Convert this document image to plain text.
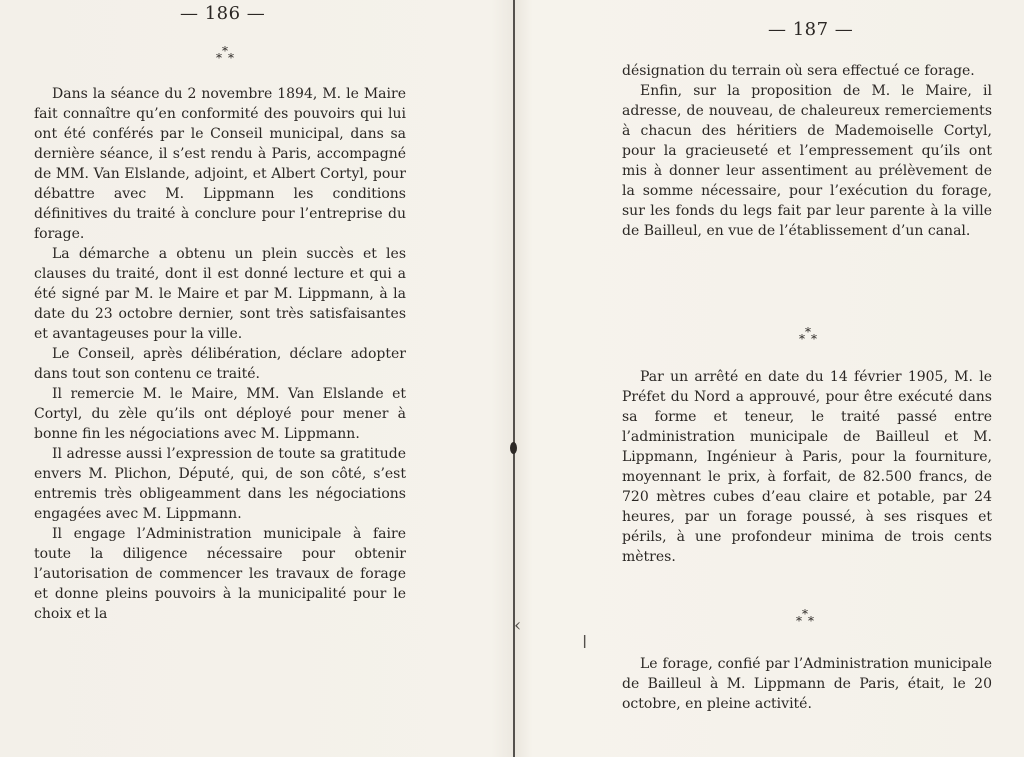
‹
ǀ
— 186 —
*
* *

Dans la séance du 2 novembre 1894, M. le Maire fait connaître qu’en conformité des pouvoirs qui lui ont été conférés par le Conseil municipal, dans sa dernière séance, il s’est rendu à Paris, accompagné de MM. Van Elslande, adjoint, et Albert Cortyl, pour débattre avec M. Lippmann les conditions définitives du traité à conclure pour l’entreprise du forage.

La démarche a obtenu un plein succès et les clauses du traité, dont il est donné lecture et qui a été signé par M. le Maire et par M. Lippmann, à la date du 23 octobre dernier, sont très satisfaisantes et avantageuses pour la ville.

Le Conseil, après délibération, déclare adopter dans tout son contenu ce traité.

Il remercie M. le Maire, MM. Van Elslande et Cortyl, du zèle qu’ils ont déployé pour mener à bonne fin les négociations avec M. Lippmann.

Il adresse aussi l’expression de toute sa gratitude envers M. Plichon, Député, qui, de son côté, s’est entremis très obligeamment dans les négociations engagées avec M. Lippmann.

Il engage l’Administration municipale à faire toute la diligence nécessaire pour obtenir l’autorisation de commencer les travaux de forage et donne pleins pouvoirs à la municipalité pour le choix et la

— 187 —

désignation du terrain où sera effectué ce forage.

Enfin, sur la proposition de M. le Maire, il adresse, de nouveau, de chaleureux remerciements à chacun des héritiers de Mademoiselle Cortyl, pour la gracieuseté et l’empressement qu’ils ont mis à donner leur assentiment au prélèvement de la somme nécessaire, pour l’exécution du forage, sur les fonds du legs fait par leur parente à la ville de Bailleul, en vue de l’établissement d’un canal.

*
* *

Par un arrêté en date du 14 février 1905, M. le Préfet du Nord a approuvé, pour être exécuté dans sa forme et teneur, le traité passé entre l’administration municipale de Bailleul et M. Lippmann, Ingénieur à Paris, pour la fourniture, moyennant le prix, à forfait, de 82.500 francs, de 720 mètres cubes d’eau claire et potable, par 24 heures, par un forage poussé, à ses risques et périls, à une profondeur minima de trois cents mètres.

*
* *

Le forage, confié par l’Administration municipale de Bailleul à M. Lippmann de Paris, était, le 20 octobre, en pleine activité.
